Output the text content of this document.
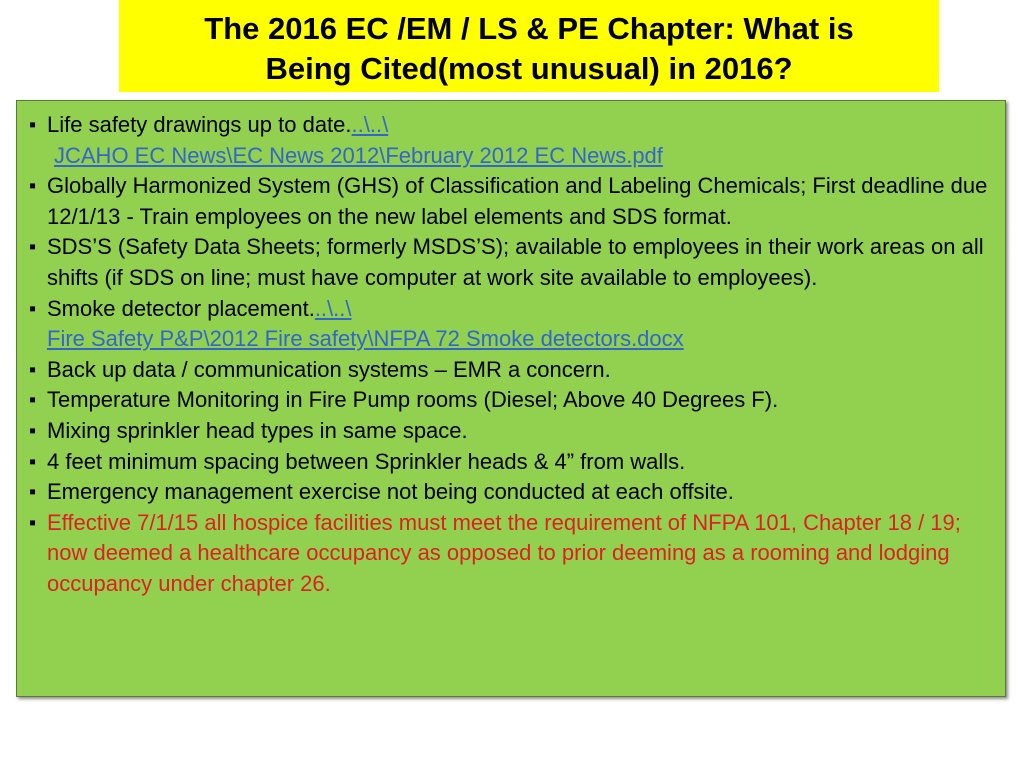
The 2016 EC /EM / LS & PE Chapter: What is
Being Cited(most unusual) in 2016?
▪ Life safety drawings up to date...\..\
JCAHO EC News\EC News 2012\February 2012 EC News.pdf
▪ Globally Harmonized System (GHS) of Classification and Labeling Chemicals; First deadline due 12/1/13 - Train employees on the new label elements and SDS format.
▪ SDS’S (Safety Data Sheets; formerly MSDS’S); available to employees in their work areas on all shifts (if SDS on line; must have computer at work site available to employees).
▪ Smoke detector placement...\..\
Fire Safety P&P\2012 Fire safety\NFPA 72 Smoke detectors.docx
▪ Back up data / communication systems – EMR a concern.
▪ Temperature Monitoring in Fire Pump rooms (Diesel; Above 40 Degrees F).
▪ Mixing sprinkler head types in same space.
▪ 4 feet minimum spacing between Sprinkler heads & 4” from walls.
▪ Emergency management exercise not being conducted at each offsite.
▪ Effective 7/1/15 all hospice facilities must meet the requirement of NFPA 101, Chapter 18 / 19; now deemed a healthcare occupancy as opposed to prior deeming as a rooming and lodging occupancy under chapter 26.
